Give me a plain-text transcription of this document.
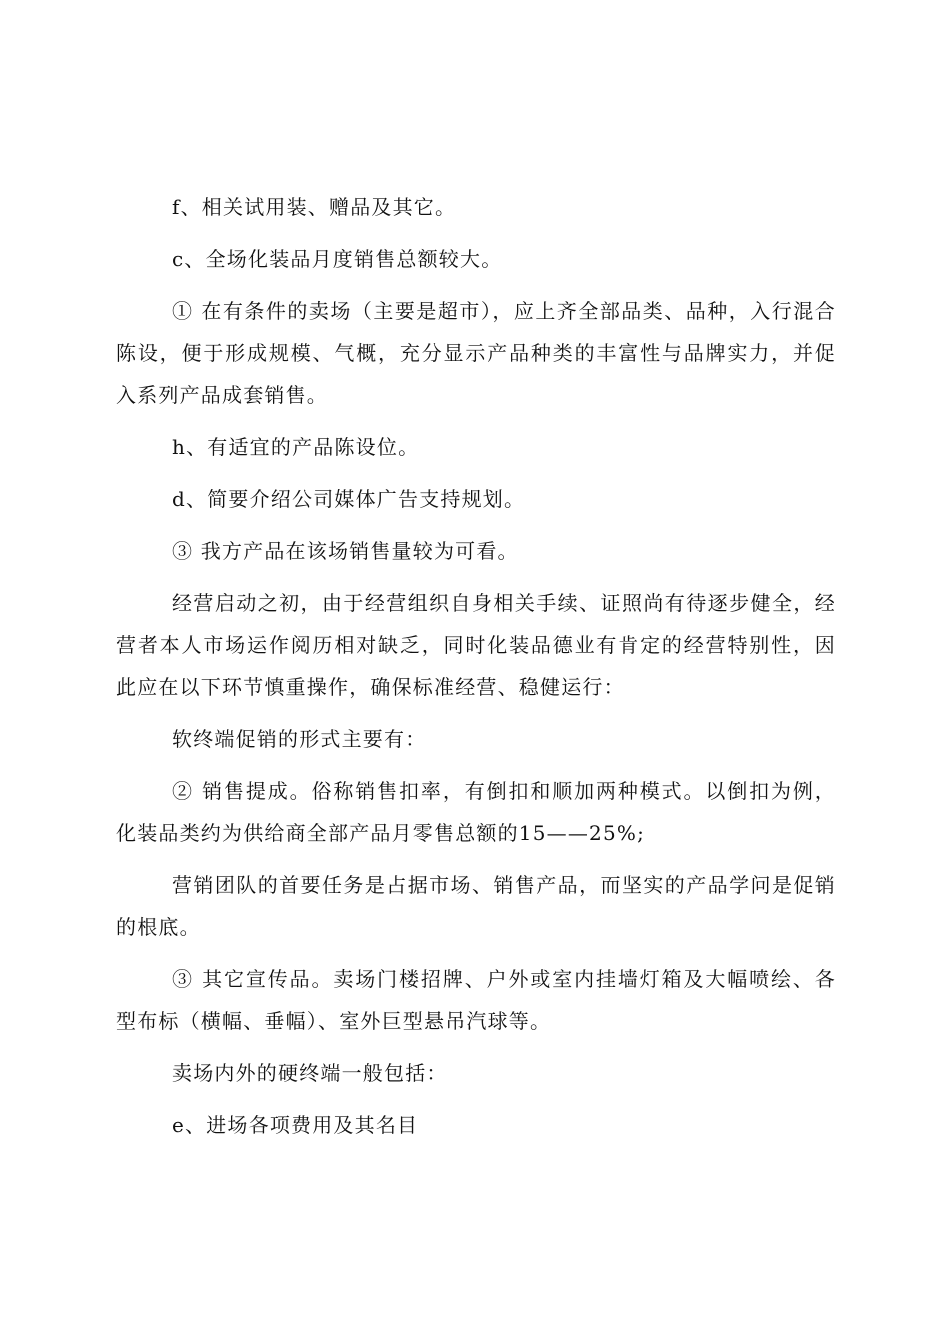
f、相关试用装、赠品及其它。

c、全场化装品月度销售总额较大。

① 在有条件的卖场（主要是超市），应上齐全部品类、品种，入行混合陈设，便于形成规模、气概，充分显示产品种类的丰富性与品牌实力，并促入系列产品成套销售。

h、有适宜的产品陈设位。

d、简要介绍公司媒体广告支持规划。

③ 我方产品在该场销售量较为可看。

经营启动之初，由于经营组织自身相关手续、证照尚有待逐步健全，经营者本人市场运作阅历相对缺乏，同时化装品德业有肯定的经营特别性，因此应在以下环节慎重操作，确保标准经营、稳健运行：

软终端促销的形式主要有：

② 销售提成。俗称销售扣率，有倒扣和顺加两种模式。以倒扣为例，化装品类约为供给商全部产品月零售总额的15——25%;

营销团队的首要任务是占据市场、销售产品，而坚实的产品学问是促销的根底。

③ 其它宣传品。卖场门楼招牌、户外或室内挂墙灯箱及大幅喷绘、各型布标（横幅、垂幅）、室外巨型悬吊汽球等。

卖场内外的硬终端一般包括：

e、进场各项费用及其名目
